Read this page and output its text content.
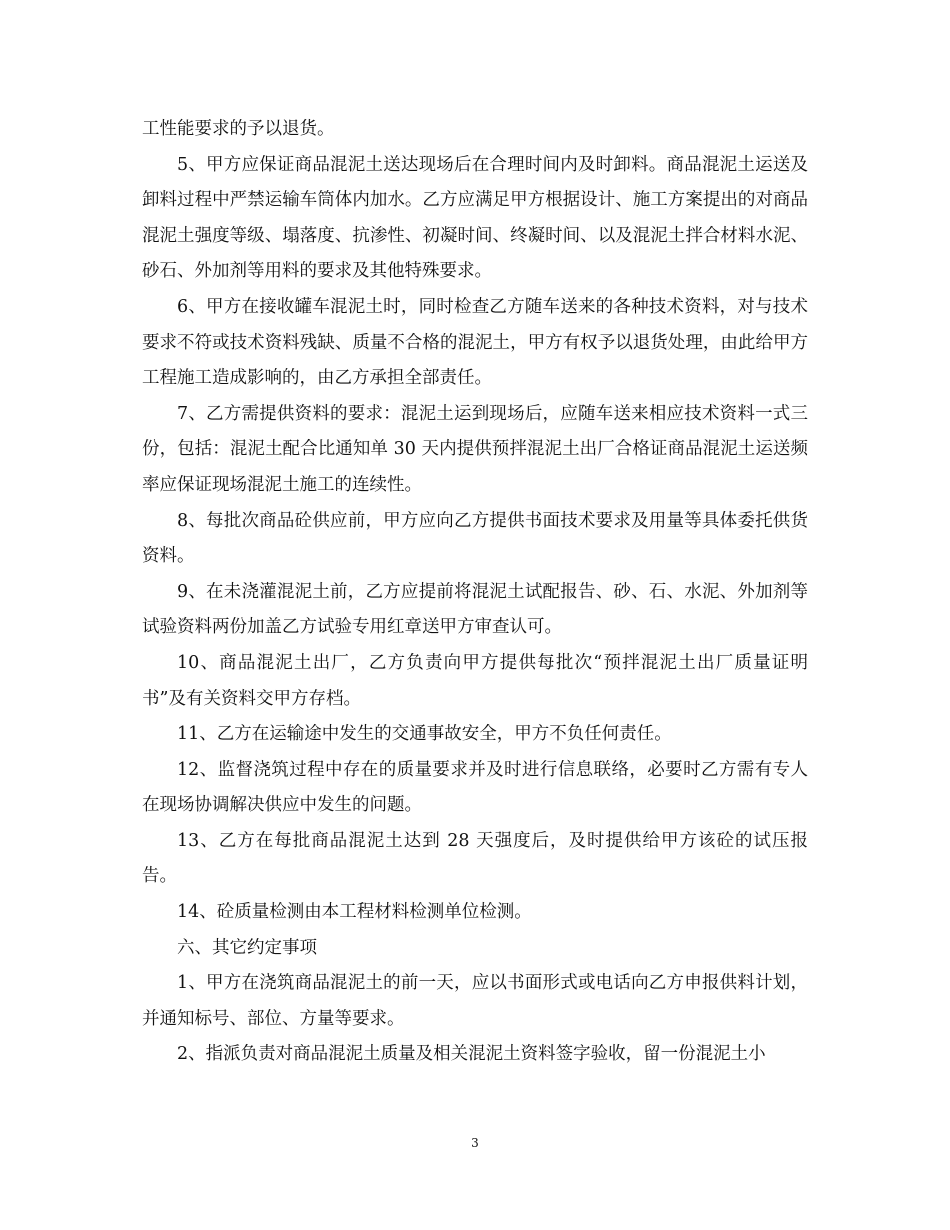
工性能要求的予以退货。

5、甲方应保证商品混泥土送达现场后在合理时间内及时卸料。商品混泥土运送及卸料过程中严禁运输车筒体内加水。乙方应满足甲方根据设计、施工方案提出的对商品混泥土强度等级、塌落度、抗渗性、初凝时间、终凝时间、以及混泥土拌合材料水泥、砂石、外加剂等用料的要求及其他特殊要求。

6、甲方在接收罐车混泥土时，同时检查乙方随车送来的各种技术资料，对与技术要求不符或技术资料残缺、质量不合格的混泥土，甲方有权予以退货处理，由此给甲方工程施工造成影响的，由乙方承担全部责任。

7、乙方需提供资料的要求：混泥土运到现场后，应随车送来相应技术资料一式三份，包括：混泥土配合比通知单 30 天内提供预拌混泥土出厂合格证商品混泥土运送频率应保证现场混泥土施工的连续性。

8、每批次商品砼供应前，甲方应向乙方提供书面技术要求及用量等具体委托供货资料。

9、在未浇灌混泥土前，乙方应提前将混泥土试配报告、砂、石、水泥、外加剂等试验资料两份加盖乙方试验专用红章送甲方审查认可。

10、商品混泥土出厂，乙方负责向甲方提供每批次“预拌混泥土出厂质量证明书”及有关资料交甲方存档。

11、乙方在运输途中发生的交通事故安全，甲方不负任何责任。

12、监督浇筑过程中存在的质量要求并及时进行信息联络，必要时乙方需有专人在现场协调解决供应中发生的问题。

13、乙方在每批商品混泥土达到 28 天强度后，及时提供给甲方该砼的试压报告。

14、砼质量检测由本工程材料检测单位检测。

六、其它约定事项

1、甲方在浇筑商品混泥土的前一天，应以书面形式或电话向乙方申报供料计划，并通知标号、部位、方量等要求。

2、指派负责对商品混泥土质量及相关混泥土资料签字验收，留一份混泥土小

3
